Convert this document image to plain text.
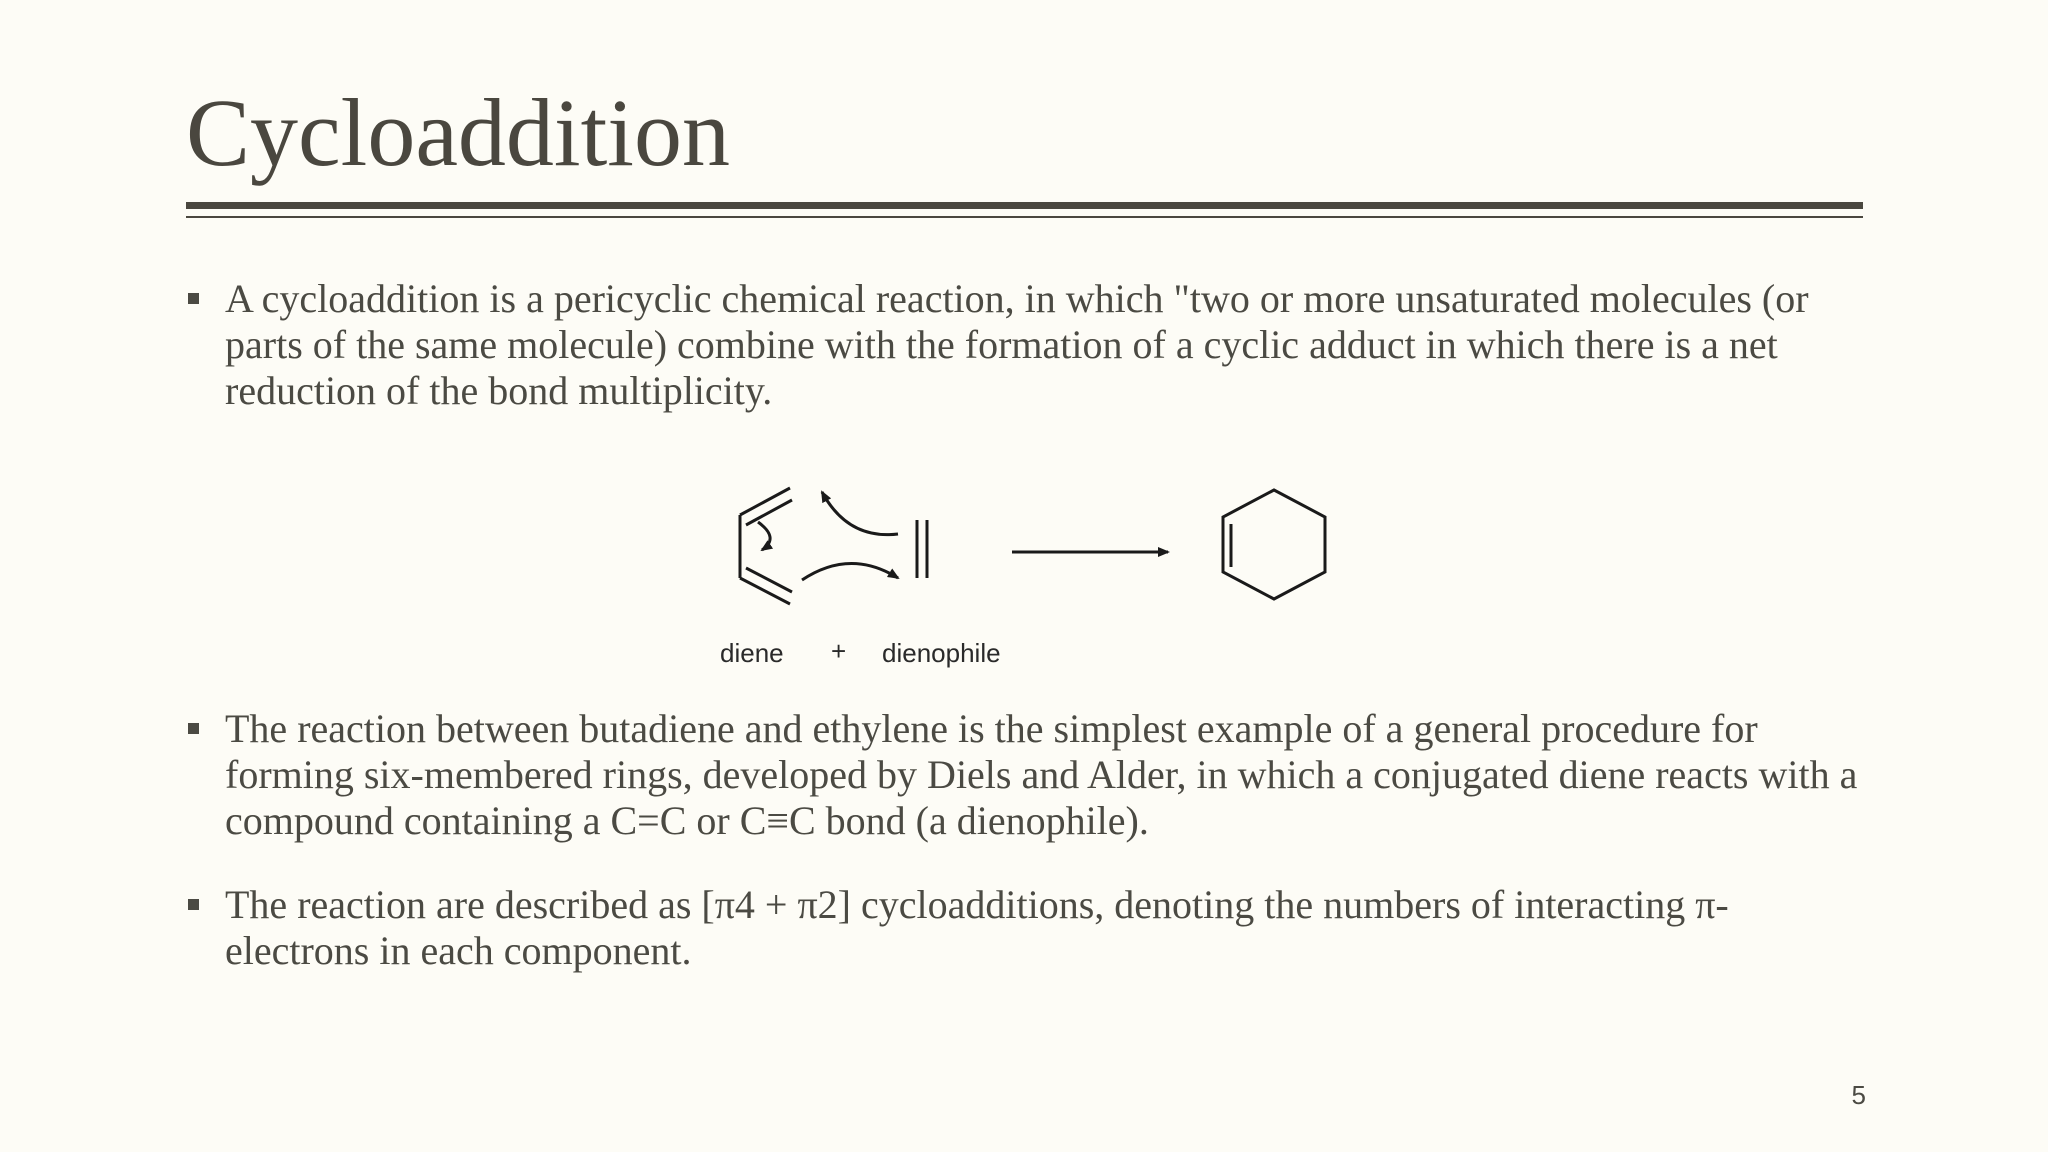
Cycloaddition
A cycloaddition is a pericyclic chemical reaction, in which "two or more unsaturated molecules (or parts of the same molecule) combine with the formation of a cyclic adduct in which there is a net reduction of the bond multiplicity.
diene + dienophile
The reaction between butadiene and ethylene is the simplest example of a general procedure for forming six-membered rings, developed by Diels and Alder, in which a conjugated diene reacts with a compound containing a C=C or C≡C bond (a dienophile).
The reaction are described as [π4 + π2] cycloadditions, denoting the numbers of interacting π-electrons in each component.
5
